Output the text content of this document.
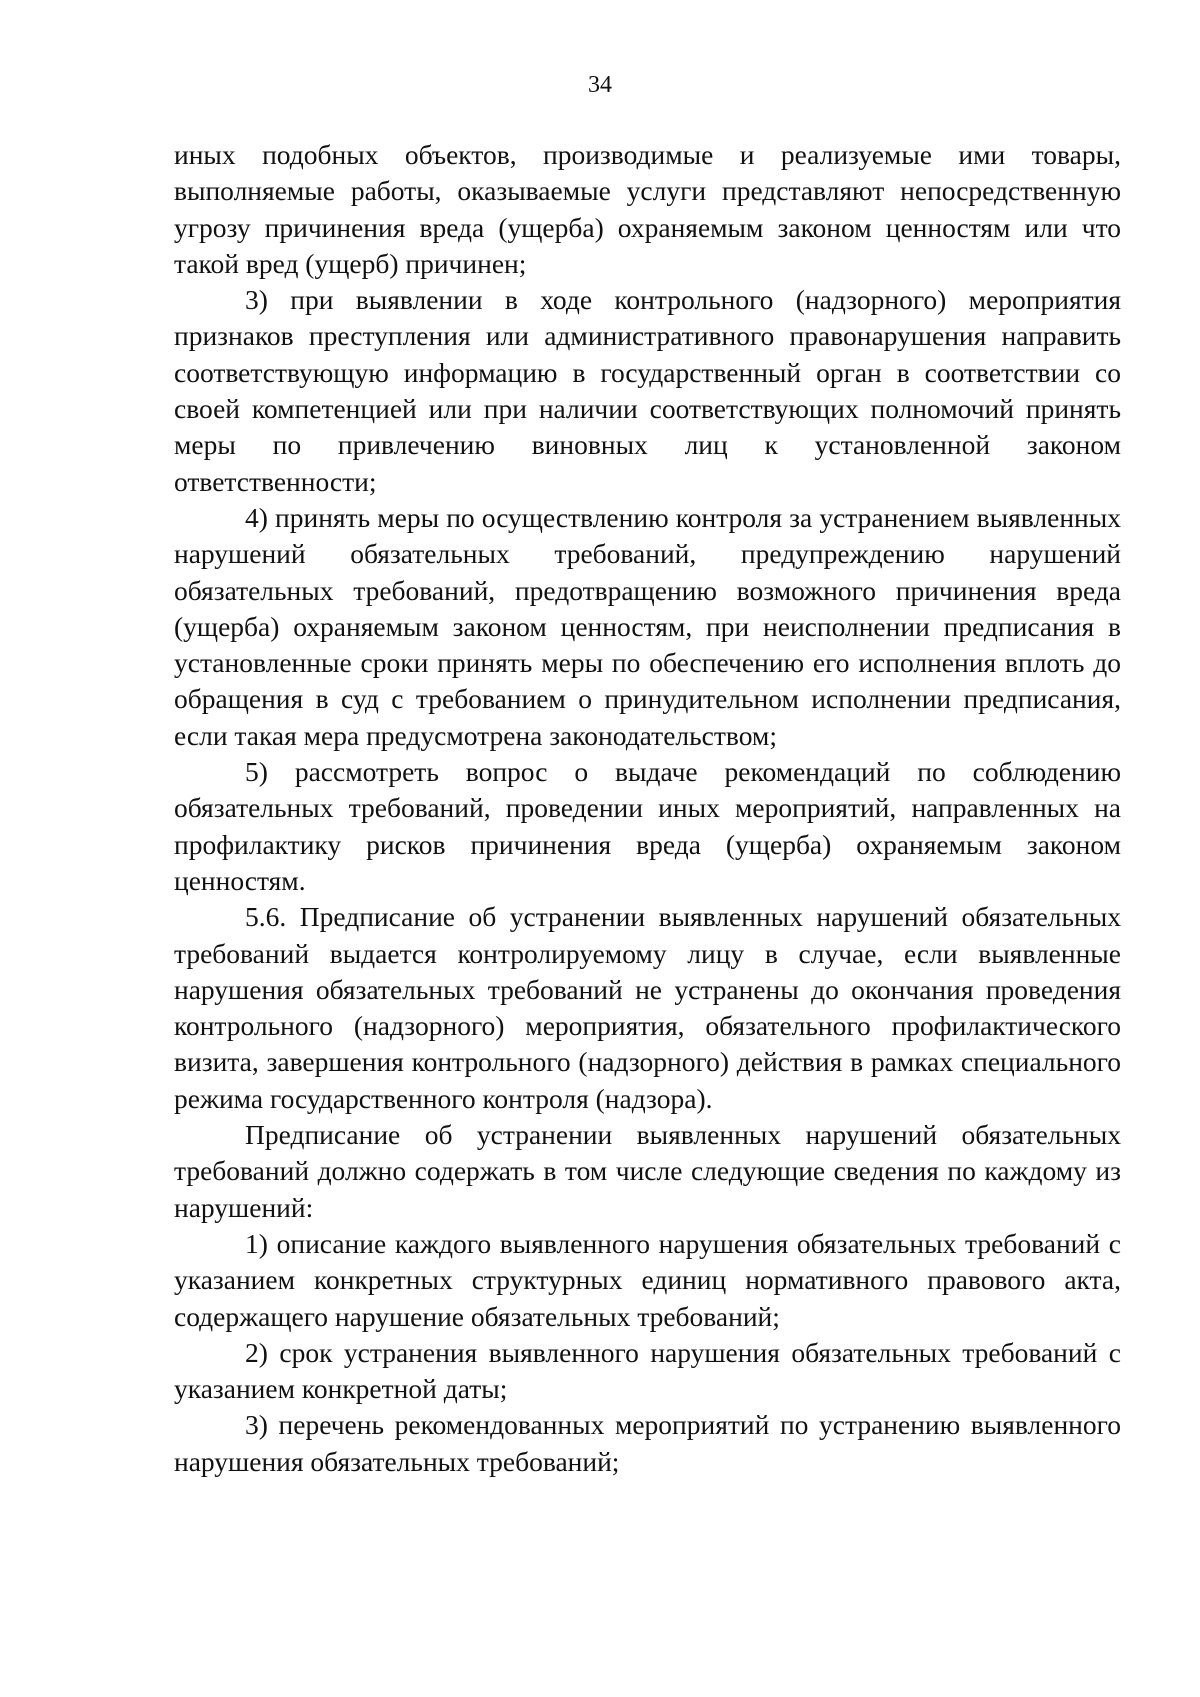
34

иных подобных объектов, производимые и реализуемые ими товары, выполняемые работы, оказываемые услуги представляют непосредственную угрозу причинения вреда (ущерба) охраняемым законом ценностям или что такой вред (ущерб) причинен;

3) при выявлении в ходе контрольного (надзорного) мероприятия признаков преступления или административного правонарушения направить соответствующую информацию в государственный орган в соответствии со своей компетенцией или при наличии соответствующих полномочий принять меры по привлечению виновных лиц к установленной законом ответственности;

4) принять меры по осуществлению контроля за устранением выявленных нарушений обязательных требований, предупреждению нарушений обязательных требований, предотвращению возможного причинения вреда (ущерба) охраняемым законом ценностям, при неисполнении предписания в установленные сроки принять меры по обеспечению его исполнения вплоть до обращения в суд с требованием о принудительном исполнении предписания, если такая мера предусмотрена законодательством;

5) рассмотреть вопрос о выдаче рекомендаций по соблюдению обязательных требований, проведении иных мероприятий, направленных на профилактику рисков причинения вреда (ущерба) охраняемым законом ценностям.

5.6. Предписание об устранении выявленных нарушений обязательных требований выдается контролируемому лицу в случае, если выявленные нарушения обязательных требований не устранены до окончания проведения контрольного (надзорного) мероприятия, обязательного профилактического визита, завершения контрольного (надзорного) действия в рамках специального режима государственного контроля (надзора).

Предписание об устранении выявленных нарушений обязательных требований должно содержать в том числе следующие сведения по каждому из нарушений:

1) описание каждого выявленного нарушения обязательных требований с указанием конкретных структурных единиц нормативного правового акта, содержащего нарушение обязательных требований;

2) срок устранения выявленного нарушения обязательных требований с указанием конкретной даты;

3) перечень рекомендованных мероприятий по устранению выявленного нарушения обязательных требований;
